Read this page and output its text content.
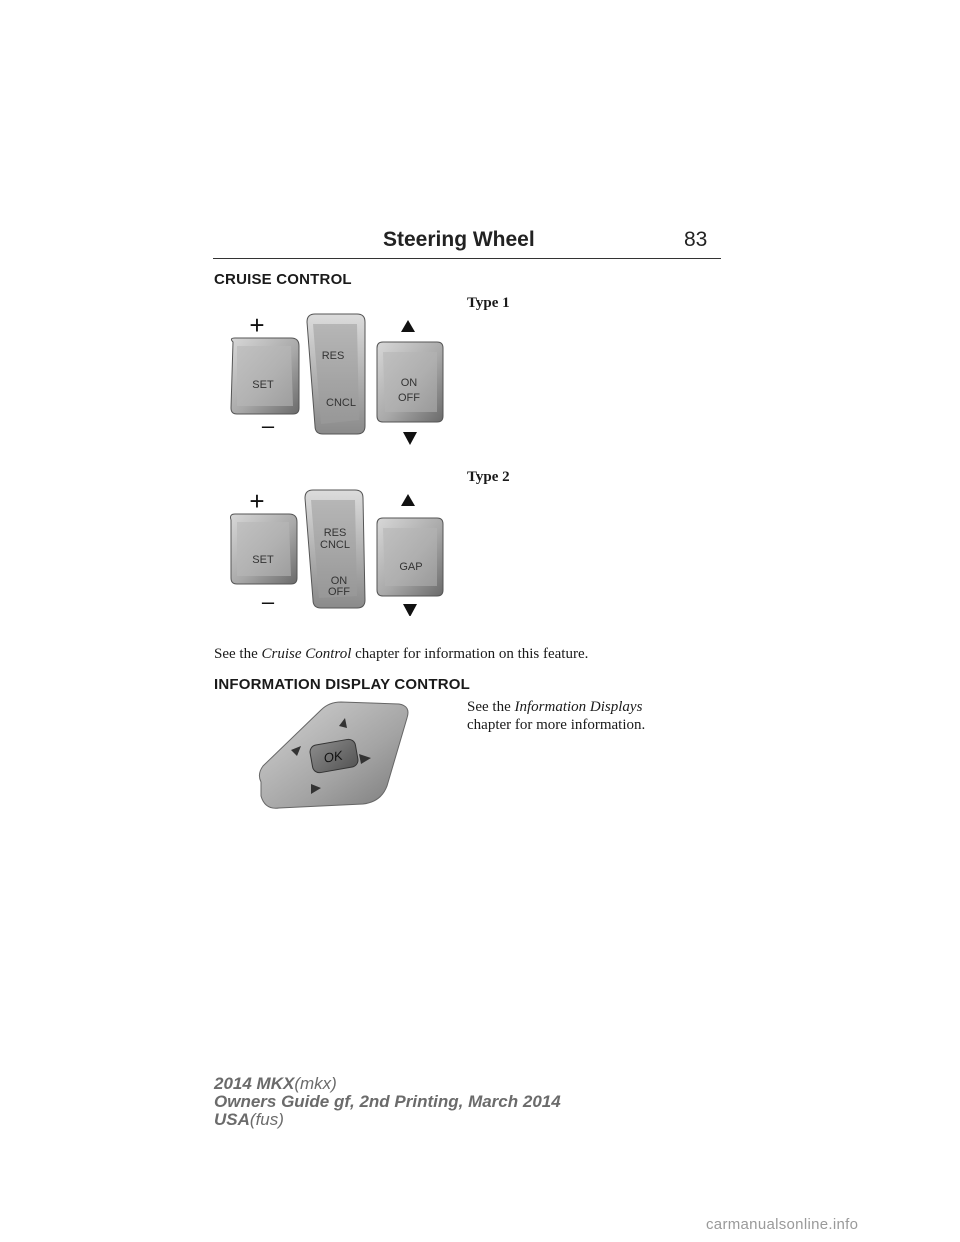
Steering Wheel	83
CRUISE CONTROL
Type 1
SET
RES
CNCL
ON
OFF
+
–
Type 2
SET
RES
CNCL
ON
OFF
GAP
+
–
See the Cruise Control chapter for information on this feature.
INFORMATION DISPLAY CONTROL
See the Information Displays
chapter for more information.
OK
2014 MKX(mkx)
Owners Guide gf, 2nd Printing, March 2014
USA(fus)
carmanualsonline.info
